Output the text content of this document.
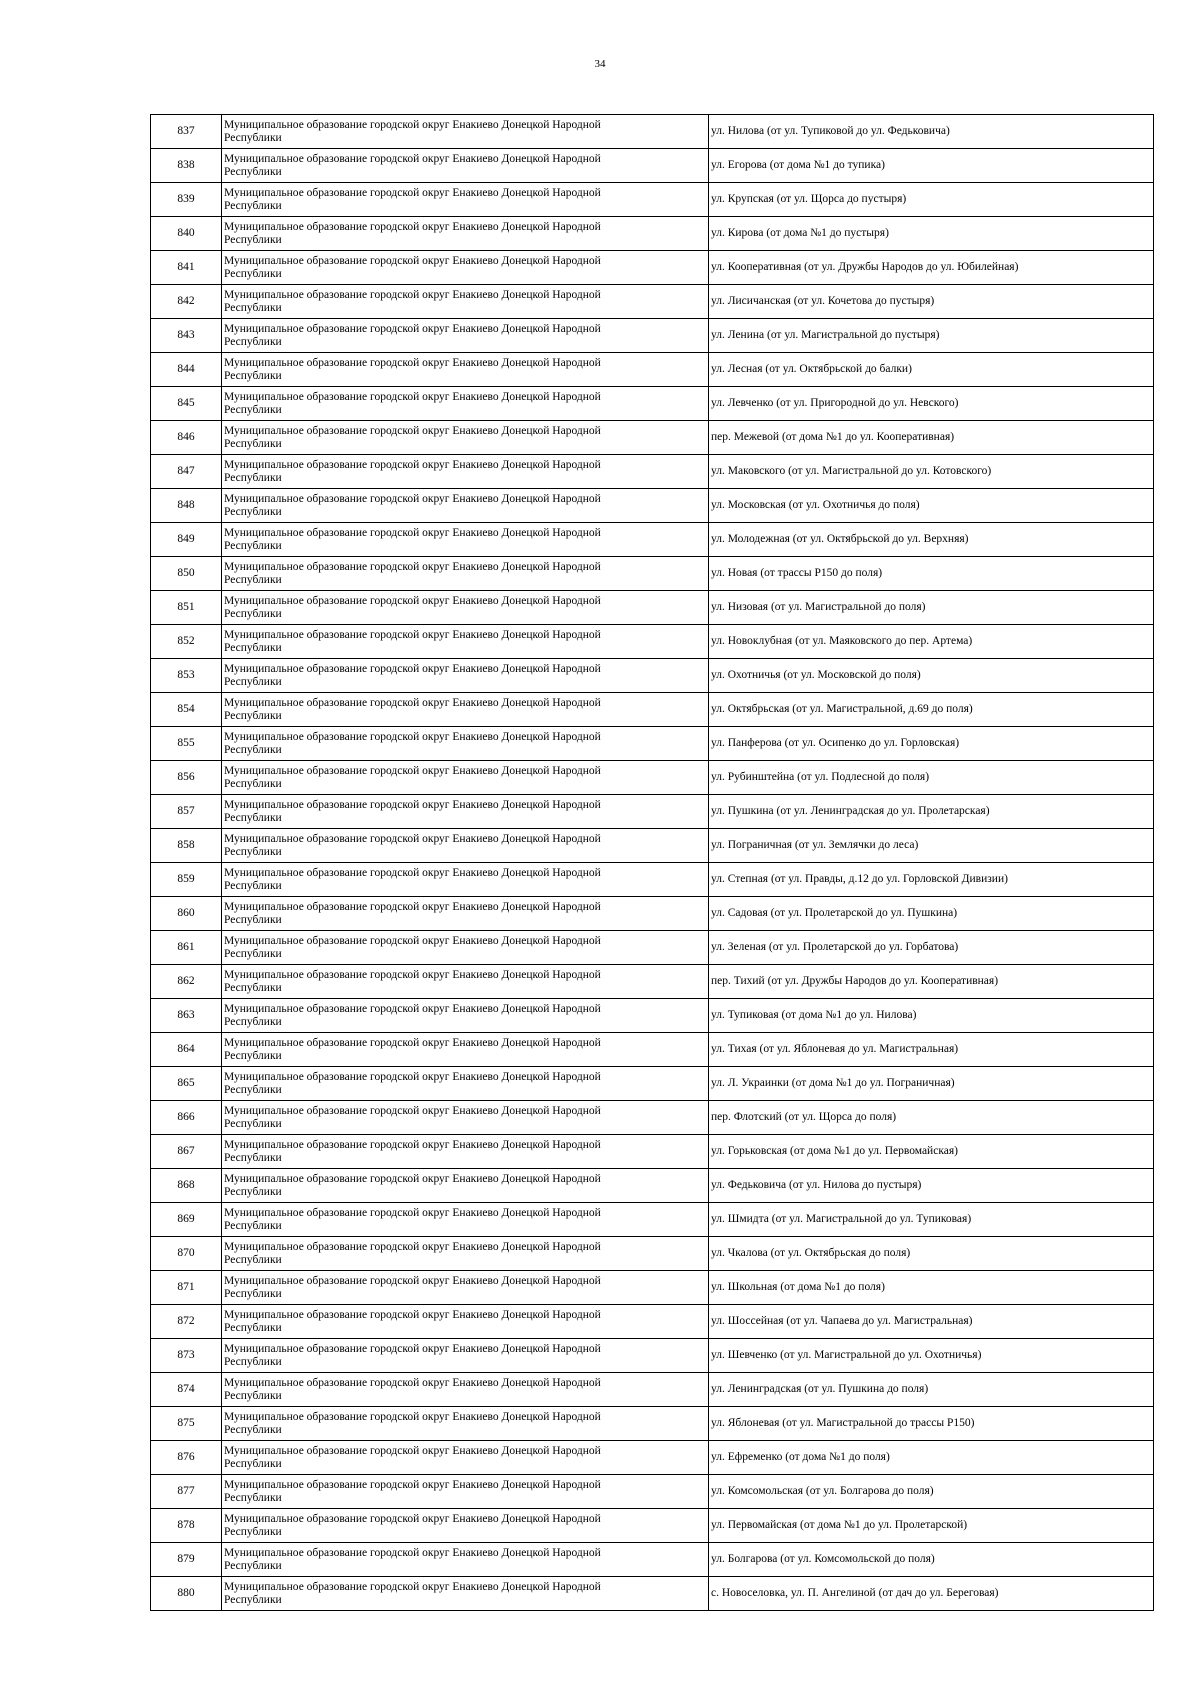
34
837	Муниципальное образование городской округ Енакиево Донецкой Народной
Республики	ул. Нилова (от ул. Тупиковой до ул. Федьковича)
838	Муниципальное образование городской округ Енакиево Донецкой Народной
Республики	ул. Егорова (от дома №1 до тупика)
839	Муниципальное образование городской округ Енакиево Донецкой Народной
Республики	ул. Крупская (от ул. Щорса до пустыря)
840	Муниципальное образование городской округ Енакиево Донецкой Народной
Республики	ул. Кирова (от дома №1 до пустыря)
841	Муниципальное образование городской округ Енакиево Донецкой Народной
Республики	ул. Кооперативная (от ул. Дружбы Народов до ул. Юбилейная)
842	Муниципальное образование городской округ Енакиево Донецкой Народной
Республики	ул. Лисичанская (от ул. Кочетова до пустыря)
843	Муниципальное образование городской округ Енакиево Донецкой Народной
Республики	ул. Ленина (от ул. Магистральной до пустыря)
844	Муниципальное образование городской округ Енакиево Донецкой Народной
Республики	ул. Лесная (от ул. Октябрьской до балки)
845	Муниципальное образование городской округ Енакиево Донецкой Народной
Республики	ул. Левченко (от ул. Пригородной до ул. Невского)
846	Муниципальное образование городской округ Енакиево Донецкой Народной
Республики	пер. Межевой (от дома №1 до ул. Кооперативная)
847	Муниципальное образование городской округ Енакиево Донецкой Народной
Республики	ул. Маковского (от ул. Магистральной до ул. Котовского)
848	Муниципальное образование городской округ Енакиево Донецкой Народной
Республики	ул. Московская (от ул. Охотничья до поля)
849	Муниципальное образование городской округ Енакиево Донецкой Народной
Республики	ул. Молодежная (от ул. Октябрьской до ул. Верхняя)
850	Муниципальное образование городской округ Енакиево Донецкой Народной
Республики	ул. Новая (от трассы Р150 до поля)
851	Муниципальное образование городской округ Енакиево Донецкой Народной
Республики	ул. Низовая (от ул. Магистральной до поля)
852	Муниципальное образование городской округ Енакиево Донецкой Народной
Республики	ул. Новоклубная (от ул. Маяковского до пер. Артема)
853	Муниципальное образование городской округ Енакиево Донецкой Народной
Республики	ул. Охотничья (от ул. Московской до поля)
854	Муниципальное образование городской округ Енакиево Донецкой Народной
Республики	ул. Октябрьская (от ул. Магистральной, д.69 до поля)
855	Муниципальное образование городской округ Енакиево Донецкой Народной
Республики	ул. Панферова (от ул. Осипенко до ул. Горловская)
856	Муниципальное образование городской округ Енакиево Донецкой Народной
Республики	ул. Рубинштейна (от ул. Подлесной до поля)
857	Муниципальное образование городской округ Енакиево Донецкой Народной
Республики	ул. Пушкина (от ул. Ленинградская до ул. Пролетарская)
858	Муниципальное образование городской округ Енакиево Донецкой Народной
Республики	ул. Пограничная (от ул. Землячки до леса)
859	Муниципальное образование городской округ Енакиево Донецкой Народной
Республики	ул. Степная (от ул. Правды, д.12 до ул. Горловской Дивизии)
860	Муниципальное образование городской округ Енакиево Донецкой Народной
Республики	ул. Садовая (от ул. Пролетарской до ул. Пушкина)
861	Муниципальное образование городской округ Енакиево Донецкой Народной
Республики	ул. Зеленая (от ул. Пролетарской до ул. Горбатова)
862	Муниципальное образование городской округ Енакиево Донецкой Народной
Республики	пер. Тихий (от ул. Дружбы Народов до ул. Кооперативная)
863	Муниципальное образование городской округ Енакиево Донецкой Народной
Республики	ул. Тупиковая (от дома №1 до ул. Нилова)
864	Муниципальное образование городской округ Енакиево Донецкой Народной
Республики	ул. Тихая (от ул. Яблоневая до ул. Магистральная)
865	Муниципальное образование городской округ Енакиево Донецкой Народной
Республики	ул. Л. Украинки (от дома №1 до ул. Пограничная)
866	Муниципальное образование городской округ Енакиево Донецкой Народной
Республики	пер. Флотский (от ул. Щорса до поля)
867	Муниципальное образование городской округ Енакиево Донецкой Народной
Республики	ул. Горьковская (от дома №1 до ул. Первомайская)
868	Муниципальное образование городской округ Енакиево Донецкой Народной
Республики	ул. Федьковича (от ул. Нилова до пустыря)
869	Муниципальное образование городской округ Енакиево Донецкой Народной
Республики	ул. Шмидта (от ул. Магистральной до ул. Тупиковая)
870	Муниципальное образование городской округ Енакиево Донецкой Народной
Республики	ул. Чкалова (от ул. Октябрьская до поля)
871	Муниципальное образование городской округ Енакиево Донецкой Народной
Республики	ул. Школьная (от дома №1 до поля)
872	Муниципальное образование городской округ Енакиево Донецкой Народной
Республики	ул. Шоссейная (от ул. Чапаева до ул. Магистральная)
873	Муниципальное образование городской округ Енакиево Донецкой Народной
Республики	ул. Шевченко (от ул. Магистральной до ул. Охотничья)
874	Муниципальное образование городской округ Енакиево Донецкой Народной
Республики	ул. Ленинградская (от ул. Пушкина до поля)
875	Муниципальное образование городской округ Енакиево Донецкой Народной
Республики	ул. Яблоневая (от ул. Магистральной до трассы Р150)
876	Муниципальное образование городской округ Енакиево Донецкой Народной
Республики	ул. Ефременко (от дома №1 до поля)
877	Муниципальное образование городской округ Енакиево Донецкой Народной
Республики	ул. Комсомольская (от ул. Болгарова до поля)
878	Муниципальное образование городской округ Енакиево Донецкой Народной
Республики	ул. Первомайская (от дома №1 до ул. Пролетарской)
879	Муниципальное образование городской округ Енакиево Донецкой Народной
Республики	ул. Болгарова (от ул. Комсомольской до поля)
880	Муниципальное образование городской округ Енакиево Донецкой Народной
Республики	с. Новоселовка, ул. П. Ангелиной (от дач до ул. Береговая)
